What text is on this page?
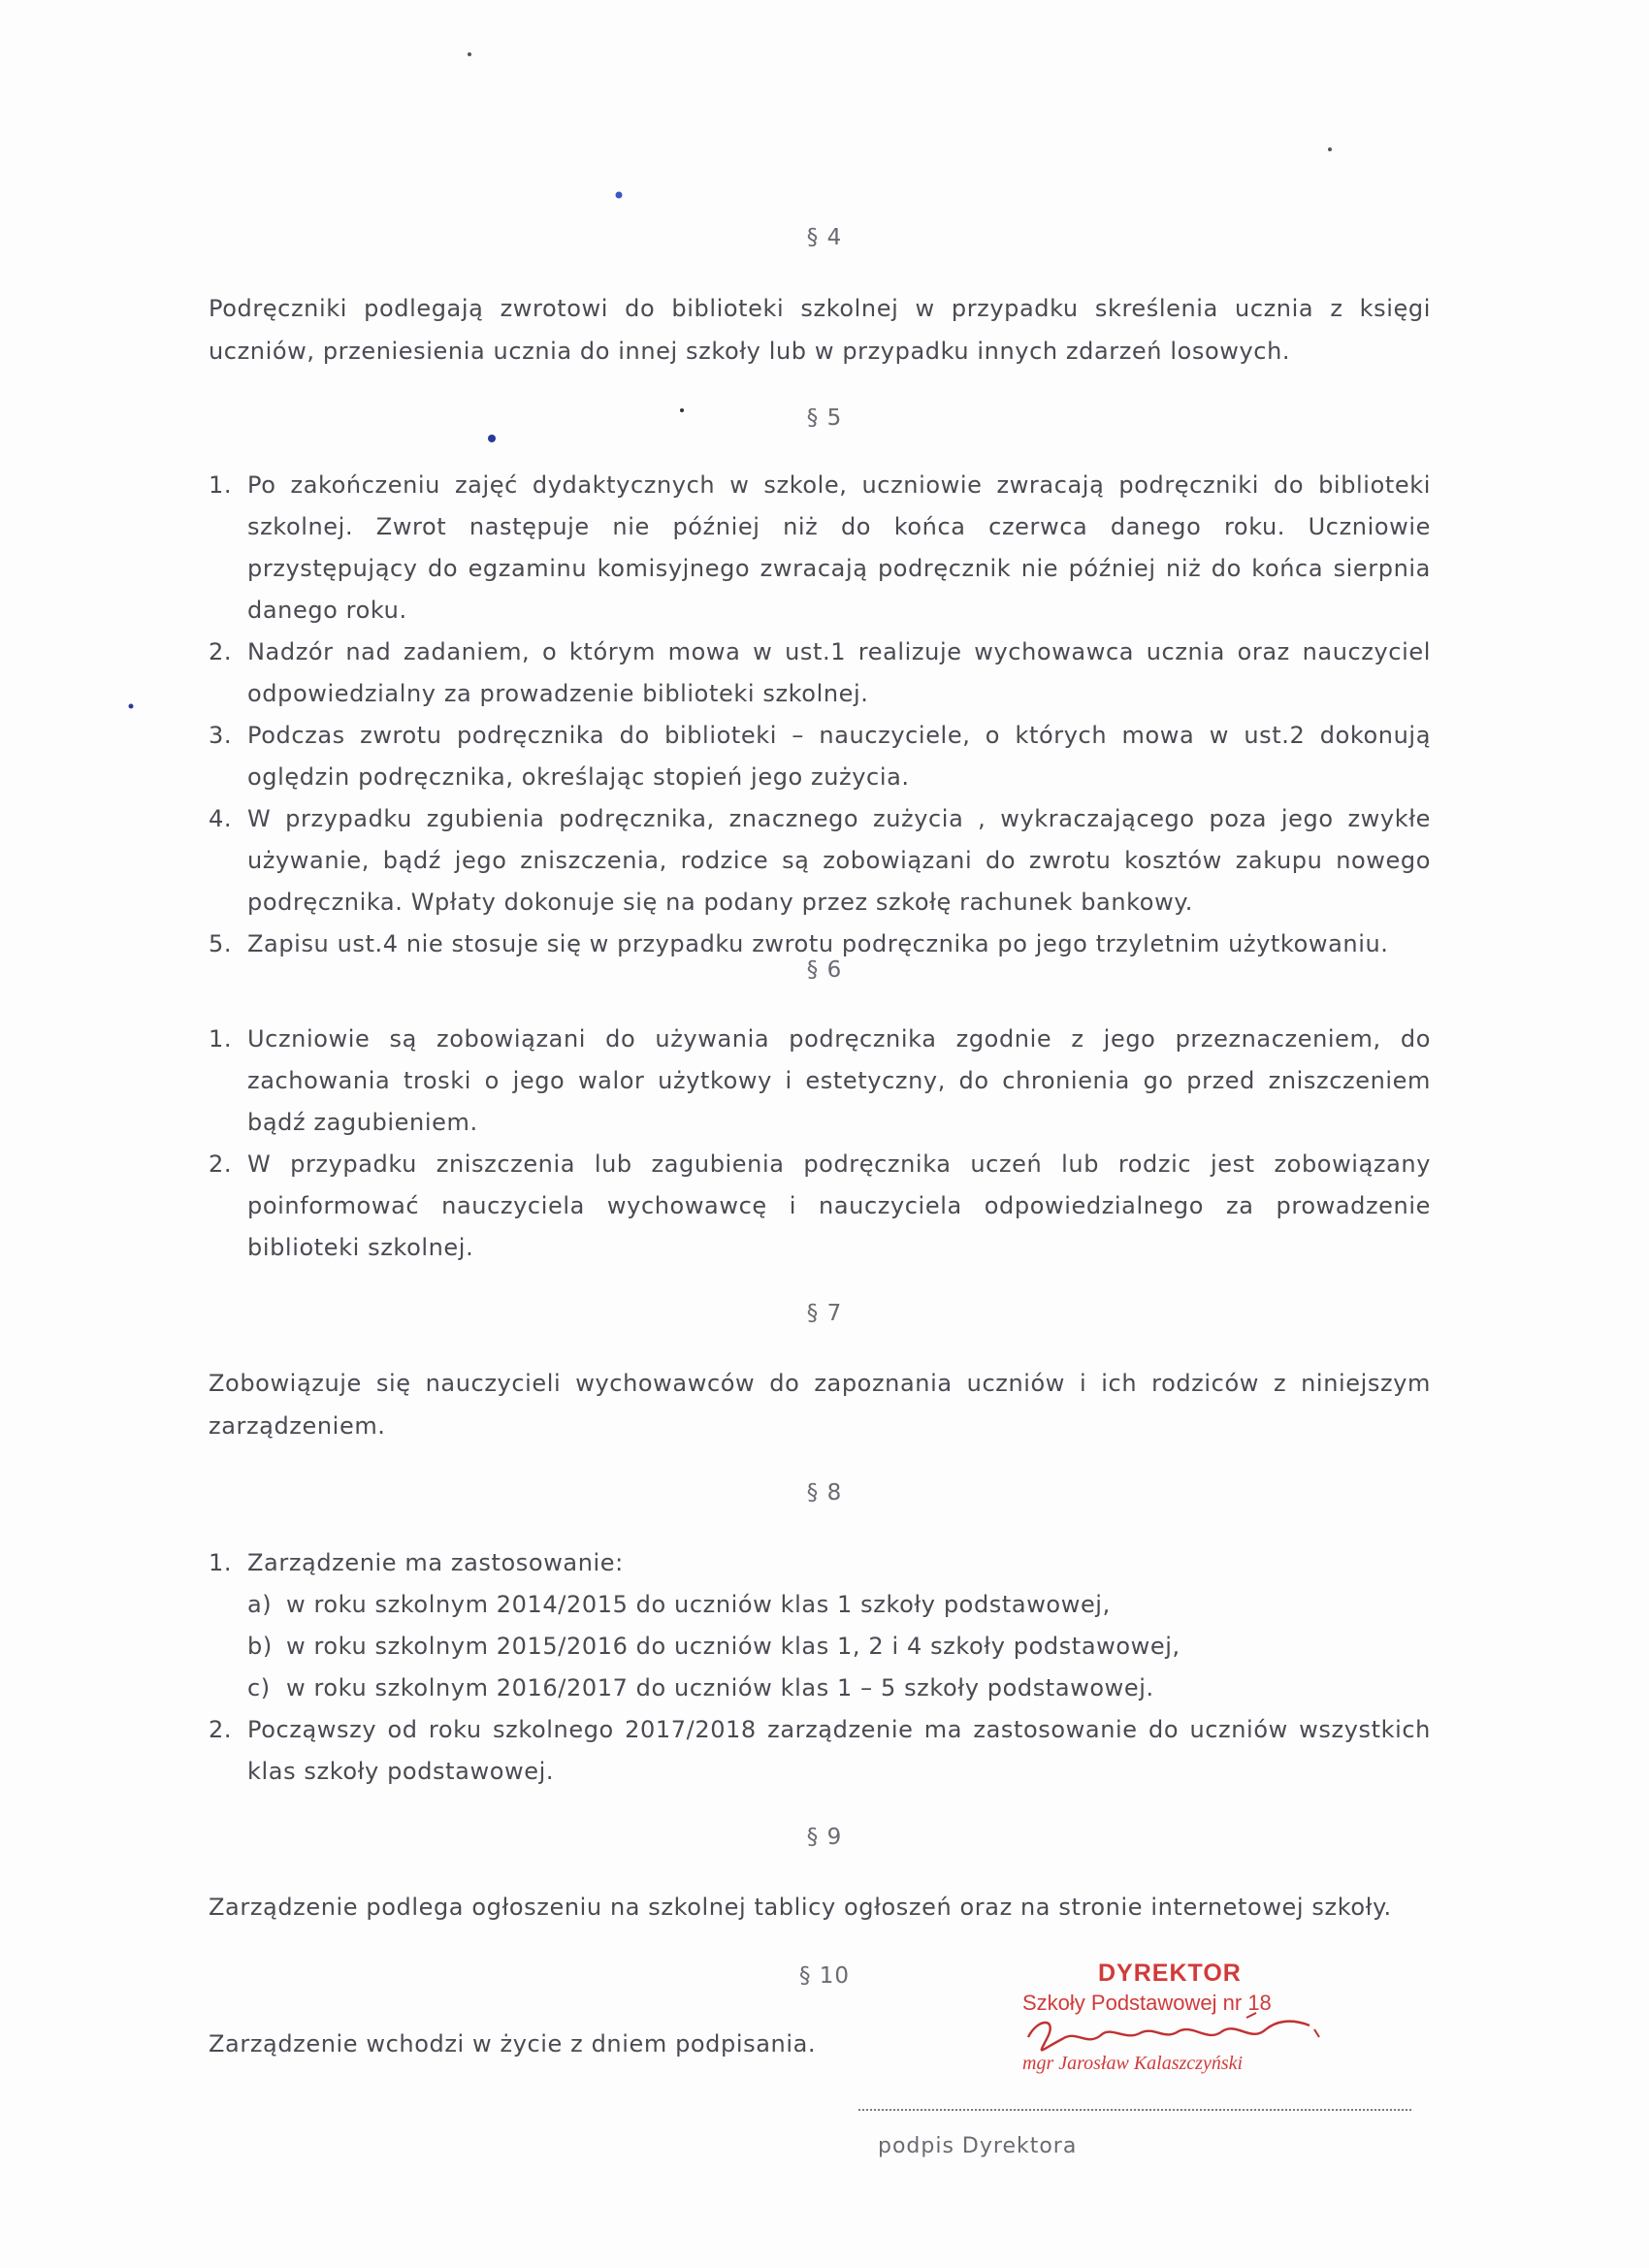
§ 4
Podręczniki podlegają zwrotowi do biblioteki szkolnej w przypadku skreślenia ucznia z księgi uczniów, przeniesienia ucznia do innej szkoły lub w przypadku innych zdarzeń losowych.
§ 5
1. Po zakończeniu zajęć dydaktycznych w szkole, uczniowie zwracają podręczniki do biblioteki szkolnej. Zwrot następuje nie później niż do końca czerwca danego roku. Uczniowie przystępujący do egzaminu komisyjnego zwracają podręcznik nie później niż do końca sierpnia danego roku.
2. Nadzór nad zadaniem, o którym mowa w ust.1 realizuje wychowawca ucznia oraz nauczyciel odpowiedzialny za prowadzenie biblioteki szkolnej.
3. Podczas zwrotu podręcznika do biblioteki – nauczyciele, o których mowa w ust.2 dokonują oględzin podręcznika, określając stopień jego zużycia.
4. W przypadku zgubienia podręcznika, znacznego zużycia , wykraczającego poza jego zwykłe używanie, bądź jego zniszczenia, rodzice są zobowiązani do zwrotu kosztów zakupu nowego podręcznika. Wpłaty dokonuje się na podany przez szkołę rachunek bankowy.
5. Zapisu ust.4 nie stosuje się w przypadku zwrotu podręcznika po jego trzyletnim użytkowaniu.
§ 6
1. Uczniowie są zobowiązani do używania podręcznika zgodnie z jego przeznaczeniem, do zachowania troski o jego walor użytkowy i estetyczny, do chronienia go przed zniszczeniem bądź zagubieniem.
2. W przypadku zniszczenia lub zagubienia podręcznika uczeń lub rodzic jest zobowiązany poinformować nauczyciela wychowawcę i nauczyciela odpowiedzialnego za prowadzenie biblioteki szkolnej.
§ 7
Zobowiązuje się nauczycieli wychowawców do zapoznania uczniów i ich rodziców z niniejszym zarządzeniem.
§ 8
1. Zarządzenie ma zastosowanie:
a) w roku szkolnym 2014/2015 do uczniów klas 1 szkoły podstawowej,
b) w roku szkolnym 2015/2016 do uczniów klas 1, 2 i 4 szkoły podstawowej,
c) w roku szkolnym 2016/2017 do uczniów klas 1 – 5 szkoły podstawowej.
2. Począwszy od roku szkolnego 2017/2018 zarządzenie ma zastosowanie do uczniów wszystkich klas szkoły podstawowej.
§ 9
Zarządzenie podlega ogłoszeniu na szkolnej tablicy ogłoszeń oraz na stronie internetowej szkoły.
§ 10
Zarządzenie wchodzi w życie z dniem podpisania.
DYREKTOR
Szkoły Podstawowej nr 18
mgr Jarosław Kalaszczyński
podpis Dyrektora
